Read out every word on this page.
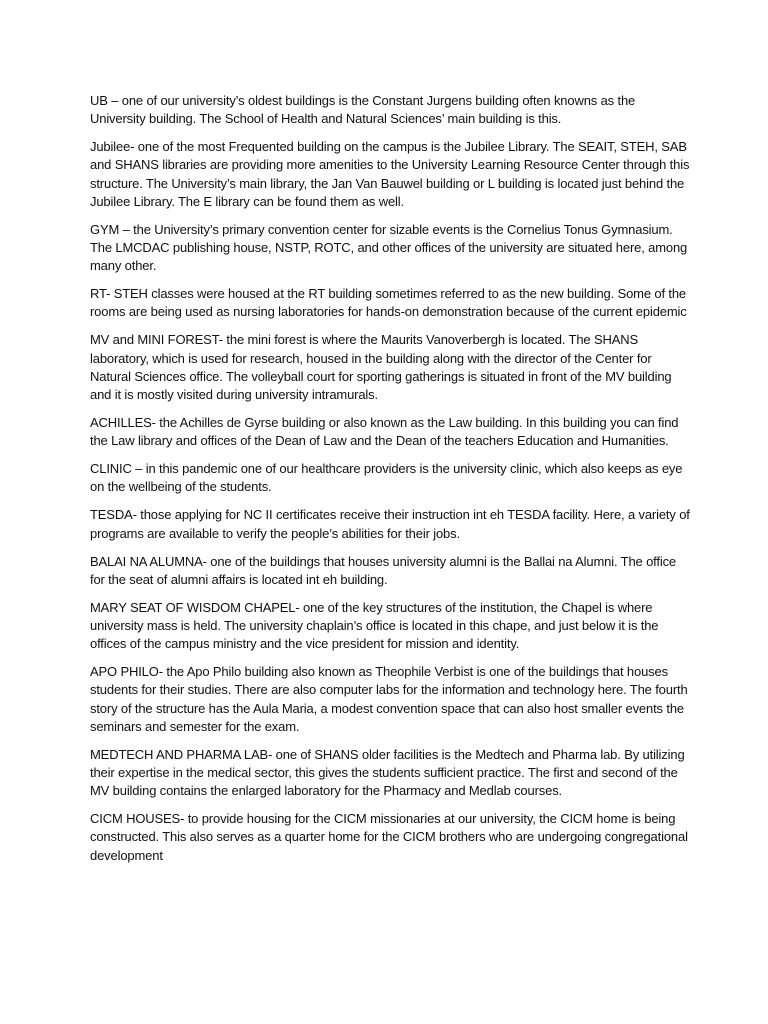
UB – one of our university’s oldest buildings is the Constant Jurgens building often knowns as the University building. The School of Health and Natural Sciences’ main building is this.

Jubilee- one of the most Frequented building on the campus is the Jubilee Library. The SEAIT, STEH, SAB and SHANS libraries are providing more amenities to the University Learning Resource Center through this structure. The University’s main library, the Jan Van Bauwel building or L building is located just behind the Jubilee Library. The E library can be found them as well.

GYM – the University’s primary convention center for sizable events is the Cornelius Tonus Gymnasium. The LMCDAC publishing house, NSTP, ROTC, and other offices of the university are situated here, among many other.

RT- STEH classes were housed at the RT building sometimes referred to as the new building. Some of the rooms are being used as nursing laboratories for hands-on demonstration because of the current epidemic

MV and MINI FOREST- the mini forest is where the Maurits Vanoverbergh is located. The SHANS laboratory, which is used for research, housed in the building along with the director of the Center for Natural Sciences office. The volleyball court for sporting gatherings is situated in front of the MV building and it is mostly visited during university intramurals.

ACHILLES- the Achilles de Gyrse building or also known as the Law building. In this building you can find the Law library and offices of the Dean of Law and the Dean of the teachers Education and Humanities.

CLINIC – in this pandemic one of our healthcare providers is the university clinic, which also keeps as eye on the wellbeing of the students.

TESDA- those applying for NC II certificates receive their instruction int eh TESDA facility. Here, a variety of programs are available to verify the people’s abilities for their jobs.

BALAI NA ALUMNA- one of the buildings that houses university alumni is the Ballai na Alumni. The office for the seat of alumni affairs is located int eh building.

MARY SEAT OF WISDOM CHAPEL- one of the key structures of the institution, the Chapel is where university mass is held. The university chaplain’s office is located in this chape, and just below it is the offices of the campus ministry and the vice president for mission and identity.

APO PHILO- the Apo Philo building also known as Theophile Verbist is one of the buildings that houses students for their studies. There are also computer labs for the information and technology here. The fourth story of the structure has the Aula Maria, a modest convention space that can also host smaller events the seminars and semester for the exam.

MEDTECH AND PHARMA LAB- one of SHANS older facilities is the Medtech and Pharma lab. By utilizing their expertise in the medical sector, this gives the students sufficient practice. The first and second of the MV building contains the enlarged laboratory for the Pharmacy and Medlab courses.

CICM HOUSES- to provide housing for the CICM missionaries at our university, the CICM home is being constructed. This also serves as a quarter home for the CICM brothers who are undergoing congregational development
